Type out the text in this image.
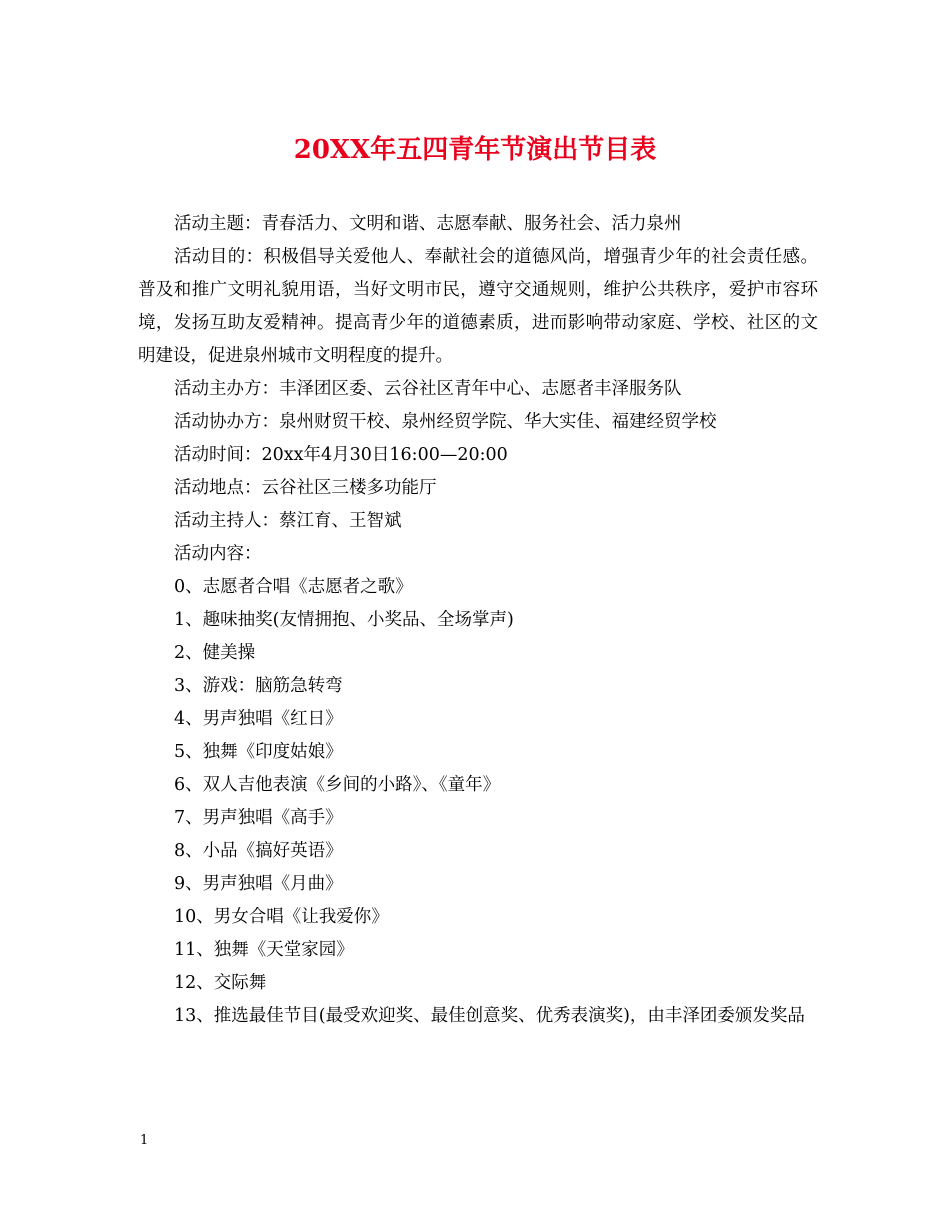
20XX年五四青年节演出节目表

活动主题：青春活力、文明和谐、志愿奉献、服务社会、活力泉州

活动目的：积极倡导关爱他人、奉献社会的道德风尚，增强青少年的社会责任感。普及和推广文明礼貌用语，当好文明市民，遵守交通规则，维护公共秩序，爱护市容环境，发扬互助友爱精神。提高青少年的道德素质，进而影响带动家庭、学校、社区的文明建设，促进泉州城市文明程度的提升。

活动主办方：丰泽团区委、云谷社区青年中心、志愿者丰泽服务队

活动协办方：泉州财贸干校、泉州经贸学院、华大实佳、福建经贸学校

活动时间：20xx年4月30日16:00—20:00

活动地点：云谷社区三楼多功能厅

活动主持人：蔡江育、王智斌

活动内容：

0、志愿者合唱《志愿者之歌》

1、趣味抽奖(友情拥抱、小奖品、全场掌声)

2、健美操

3、游戏：脑筋急转弯

4、男声独唱《红日》

5、独舞《印度姑娘》

6、双人吉他表演《乡间的小路》、《童年》

7、男声独唱《高手》

8、小品《搞好英语》

9、男声独唱《月曲》

10、男女合唱《让我爱你》

11、独舞《天堂家园》

12、交际舞

13、推选最佳节目(最受欢迎奖、最佳创意奖、优秀表演奖)，由丰泽团委颁发奖品

1
